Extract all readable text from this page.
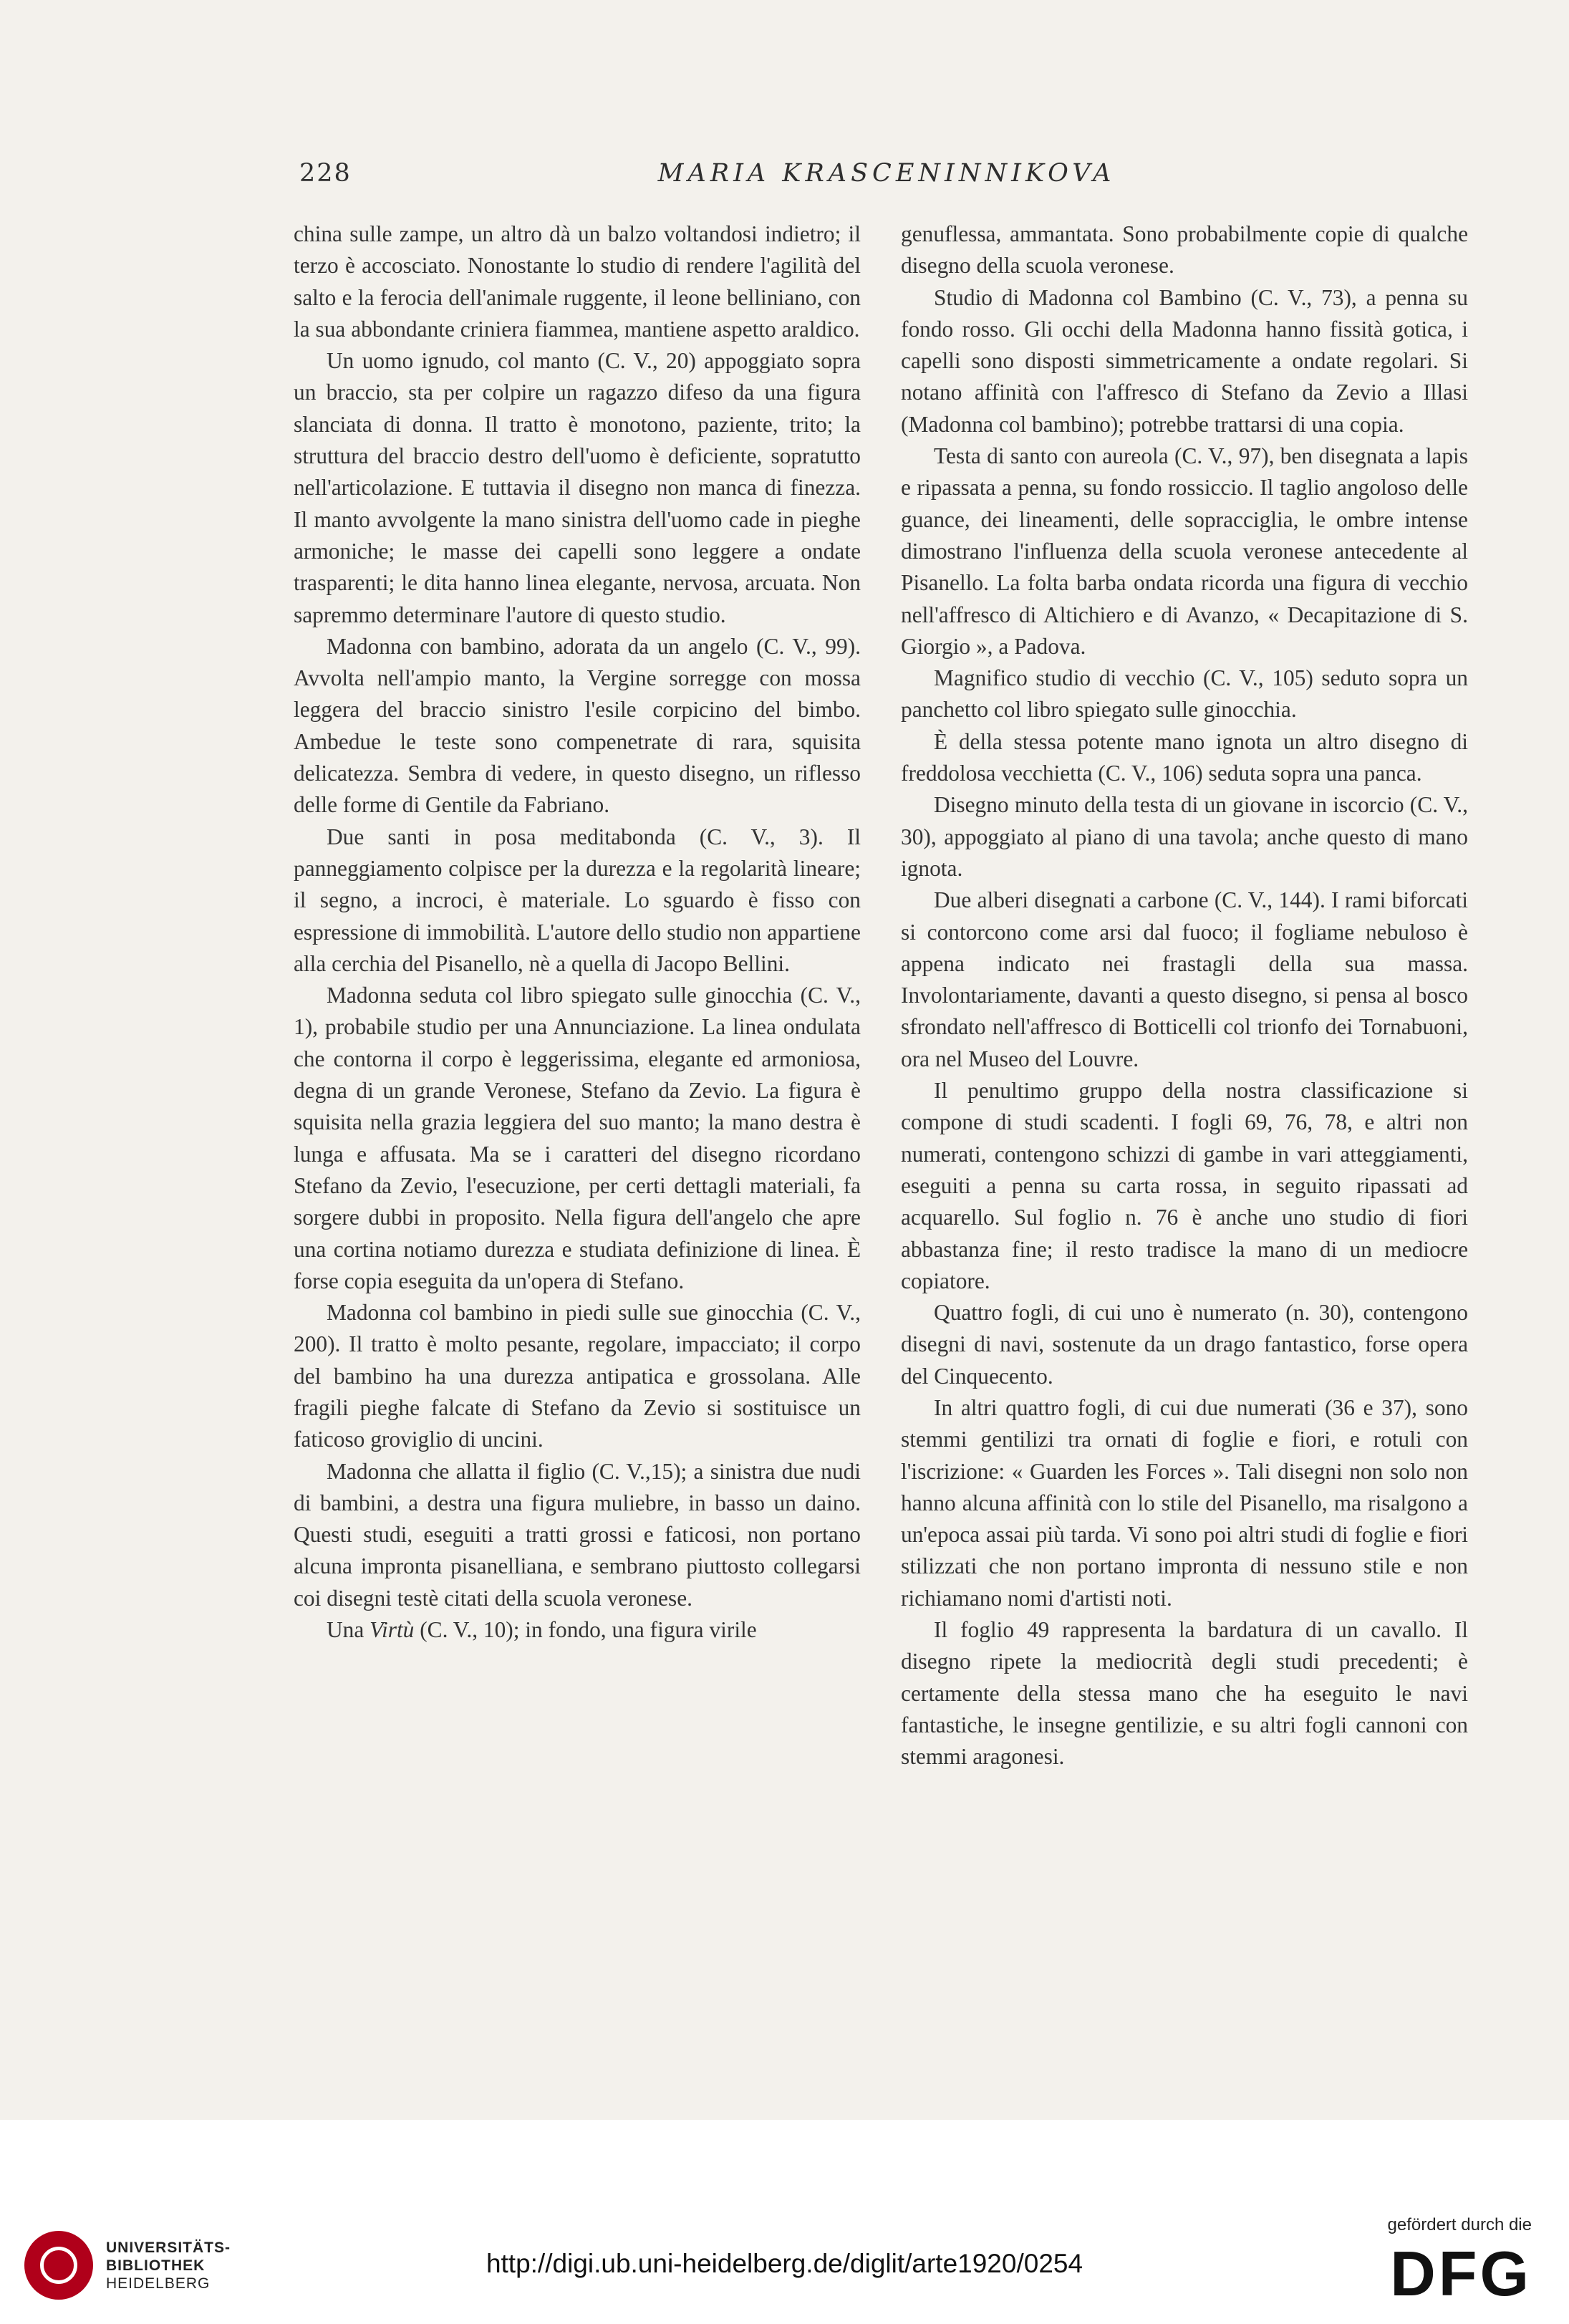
228	MARIA KRASCENINNIKOVA

china sulle zampe, un altro dà un balzo voltandosi indietro; il terzo è accosciato. Nonostante lo studio di rendere l'agilità del salto e la ferocia dell'animale ruggente, il leone belliniano, con la sua abbondante criniera fiammea, mantiene aspetto araldico.

Un uomo ignudo, col manto (C. V., 20) appoggiato sopra un braccio, sta per colpire un ragazzo difeso da una figura slanciata di donna. Il tratto è monotono, paziente, trito; la struttura del braccio destro dell'uomo è deficiente, sopratutto nell'articolazione. E tuttavia il disegno non manca di finezza. Il manto avvolgente la mano sinistra dell'uomo cade in pieghe armoniche; le masse dei capelli sono leggere a ondate trasparenti; le dita hanno linea elegante, nervosa, arcuata. Non sapremmo determinare l'autore di questo studio.

Madonna con bambino, adorata da un angelo (C. V., 99). Avvolta nell'ampio manto, la Vergine sorregge con mossa leggera del braccio sinistro l'esile corpicino del bimbo. Ambedue le teste sono compenetrate di rara, squisita delicatezza. Sembra di vedere, in questo disegno, un riflesso delle forme di Gentile da Fabriano.

Due santi in posa meditabonda (C. V., 3). Il panneggiamento colpisce per la durezza e la regolarità lineare; il segno, a incroci, è materiale. Lo sguardo è fisso con espressione di immobilità. L'autore dello studio non appartiene alla cerchia del Pisanello, nè a quella di Jacopo Bellini.

Madonna seduta col libro spiegato sulle ginocchia (C. V., 1), probabile studio per una Annunciazione. La linea ondulata che contorna il corpo è leggerissima, elegante ed armoniosa, degna di un grande Veronese, Stefano da Zevio. La figura è squisita nella grazia leggiera del suo manto; la mano destra è lunga e affusata. Ma se i caratteri del disegno ricordano Stefano da Zevio, l'esecuzione, per certi dettagli materiali, fa sorgere dubbi in proposito. Nella figura dell'angelo che apre una cortina notiamo durezza e studiata definizione di linea. È forse copia eseguita da un'opera di Stefano.

Madonna col bambino in piedi sulle sue ginocchia (C. V., 200). Il tratto è molto pesante, regolare, impacciato; il corpo del bambino ha una durezza antipatica e grossolana. Alle fragili pieghe falcate di Stefano da Zevio si sostituisce un faticoso groviglio di uncini.

Madonna che allatta il figlio (C. V.,15); a sinistra due nudi di bambini, a destra una figura muliebre, in basso un daino. Questi studi, eseguiti a tratti grossi e faticosi, non portano alcuna impronta pisanelliana, e sembrano piuttosto collegarsi coi disegni testè citati della scuola veronese.

Una Virtù (C. V., 10); in fondo, una figura virile

genuflessa, ammantata. Sono probabilmente copie di qualche disegno della scuola veronese.

Studio di Madonna col Bambino (C. V., 73), a penna su fondo rosso. Gli occhi della Madonna hanno fissità gotica, i capelli sono disposti simmetricamente a ondate regolari. Si notano affinità con l'affresco di Stefano da Zevio a Illasi (Madonna col bambino); potrebbe trattarsi di una copia.

Testa di santo con aureola (C. V., 97), ben disegnata a lapis e ripassata a penna, su fondo rossiccio. Il taglio angoloso delle guance, dei lineamenti, delle sopracciglia, le ombre intense dimostrano l'influenza della scuola veronese antecedente al Pisanello. La folta barba ondata ricorda una figura di vecchio nell'affresco di Altichiero e di Avanzo, « Decapitazione di S. Giorgio », a Padova.

Magnifico studio di vecchio (C. V., 105) seduto sopra un panchetto col libro spiegato sulle ginocchia.

È della stessa potente mano ignota un altro disegno di freddolosa vecchietta (C. V., 106) seduta sopra una panca.

Disegno minuto della testa di un giovane in iscorcio (C. V., 30), appoggiato al piano di una tavola; anche questo di mano ignota.

Due alberi disegnati a carbone (C. V., 144). I rami biforcati si contorcono come arsi dal fuoco; il fogliame nebuloso è appena indicato nei frastagli della sua massa. Involontariamente, davanti a questo disegno, si pensa al bosco sfrondato nell'affresco di Botticelli col trionfo dei Tornabuoni, ora nel Museo del Louvre.

Il penultimo gruppo della nostra classificazione si compone di studi scadenti. I fogli 69, 76, 78, e altri non numerati, contengono schizzi di gambe in vari atteggiamenti, eseguiti a penna su carta rossa, in seguito ripassati ad acquarello. Sul foglio n. 76 è anche uno studio di fiori abbastanza fine; il resto tradisce la mano di un mediocre copiatore.

Quattro fogli, di cui uno è numerato (n. 30), contengono disegni di navi, sostenute da un drago fantastico, forse opera del Cinquecento.

In altri quattro fogli, di cui due numerati (36 e 37), sono stemmi gentilizi tra ornati di foglie e fiori, e rotuli con l'iscrizione: « Guarden les Forces ». Tali disegni non solo non hanno alcuna affinità con lo stile del Pisanello, ma risalgono a un'epoca assai più tarda. Vi sono poi altri studi di foglie e fiori stilizzati che non portano impronta di nessuno stile e non richiamano nomi d'artisti noti.

Il foglio 49 rappresenta la bardatura di un cavallo. Il disegno ripete la mediocrità degli studi precedenti; è certamente della stessa mano che ha eseguito le navi fantastiche, le insegne gentilizie, e su altri fogli cannoni con stemmi aragonesi.

UNIVERSITÄTS-
BIBLIOTHEK
HEIDELBERG
http://digi.ub.uni-heidelberg.de/diglit/arte1920/0254
gefördert durch die
DFG
